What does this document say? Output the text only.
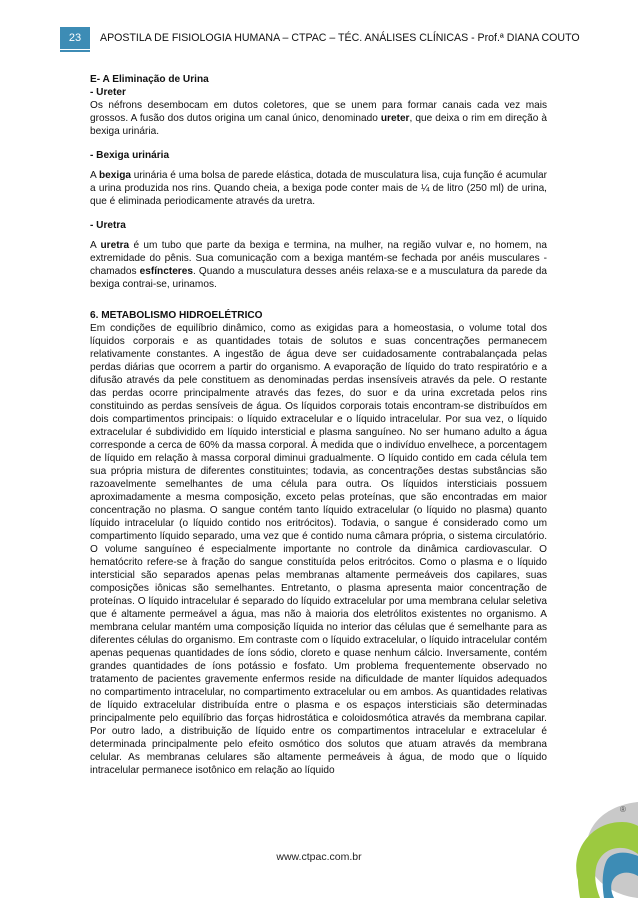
23	APOSTILA DE FISIOLOGIA HUMANA – CTPAC – TÉC. ANÁLISES CLÍNICAS - Prof.ª DIANA COUTO

E- A Eliminação de Urina

- Ureter

Os néfrons desembocam em dutos coletores, que se unem para formar canais cada vez mais grossos. A fusão dos dutos origina um canal único, denominado ureter, que deixa o rim em direção à bexiga urinária.

- Bexiga urinária

A bexiga urinária é uma bolsa de parede elástica, dotada de musculatura lisa, cuja função é acumular a urina produzida nos rins. Quando cheia, a bexiga pode conter mais de ¼ de litro (250 ml) de urina, que é eliminada periodicamente através da uretra.

- Uretra

A uretra é um tubo que parte da bexiga e termina, na mulher, na região vulvar e, no homem, na extremidade do pênis. Sua comunicação com a bexiga mantém-se fechada por anéis musculares - chamados esfíncteres. Quando a musculatura desses anéis relaxa-se e a musculatura da parede da bexiga contrai-se, urinamos.

6. METABOLISMO HIDROELÉTRICO

Em condições de equilíbrio dinâmico, como as exigidas para a homeostasia, o volume total dos líquidos corporais e as quantidades totais de solutos e suas concentrações permanecem relativamente constantes. A ingestão de água deve ser cuidadosamente contrabalançada pelas perdas diárias que ocorrem a partir do organismo. A evaporação de líquido do trato respiratório e a difusão através da pele constituem as denominadas perdas insensíveis através da pele. O restante das perdas ocorre principalmente através das fezes, do suor e da urina excretada pelos rins constituindo as perdas sensíveis de água. Os líquidos corporais totais encontram-se distribuídos em dois compartimentos principais: o líquido extracelular e o líquido intracelular. Por sua vez, o líquido extracelular é subdividido em líquido intersticial e plasma sanguíneo. No ser humano adulto a água corresponde a cerca de 60% da massa corporal. À medida que o indivíduo envelhece, a porcentagem de líquido em relação à massa corporal diminui gradualmente. O líquido contido em cada célula tem sua própria mistura de diferentes constituintes; todavia, as concentrações destas substâncias são razoavelmente semelhantes de uma célula para outra. Os líquidos intersticiais possuem aproximadamente a mesma composição, exceto pelas proteínas, que são encontradas em maior concentração no plasma. O sangue contém tanto líquido extracelular (o líquido no plasma) quanto líquido intracelular (o líquido contido nos eritrócitos). Todavia, o sangue é considerado como um compartimento líquido separado, uma vez que é contido numa câmara própria, o sistema circulatório. O volume sanguíneo é especialmente importante no controle da dinâmica cardiovascular. O hematócrito refere-se à fração do sangue constituída pelos eritrócitos. Como o plasma e o líquido intersticial são separados apenas pelas membranas altamente permeáveis dos capilares, suas composições iônicas são semelhantes. Entretanto, o plasma apresenta maior concentração de proteínas. O líquido intracelular é separado do líquido extracelular por uma membrana celular seletiva que é altamente permeável a água, mas não à maioria dos eletrólitos existentes no organismo. A membrana celular mantém uma composição líquida no interior das células que é semelhante para as diferentes células do organismo. Em contraste com o líquido extracelular, o líquido intracelular contém apenas pequenas quantidades de íons sódio, cloreto e quase nenhum cálcio. Inversamente, contém grandes quantidades de íons potássio e fosfato. Um problema frequentemente observado no tratamento de pacientes gravemente enfermos reside na dificuldade de manter líquidos adequados no compartimento intracelular, no compartimento extracelular ou em ambos. As quantidades relativas de líquido extracelular distribuída entre o plasma e os espaços intersticiais são determinadas principalmente pelo equilíbrio das forças hidrostática e coloidosmótica através da membrana capilar. Por outro lado, a distribuição de líquido entre os compartimentos intracelular e extracelular é determinada principalmente pelo efeito osmótico dos solutos que atuam através da membrana celular. As membranas celulares são altamente permeáveis à água, de modo que o líquido intracelular permanece isotônico em relação ao líquido

www.ctpac.com.br
®
